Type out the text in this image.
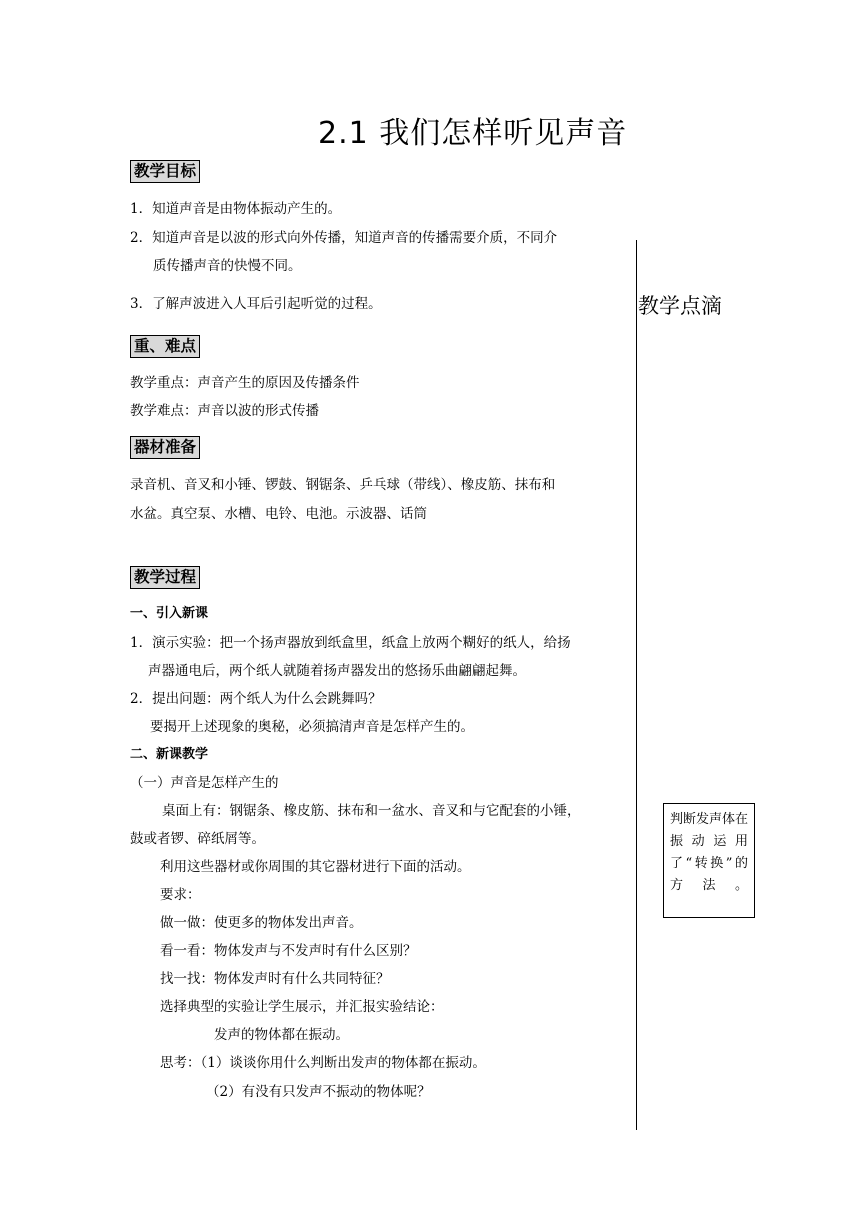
2.1 我们怎样听见声音
教学目标
1．知道声音是由物体振动产生的。
2．知道声音是以波的形式向外传播，知道声音的传播需要介质，不同介
质传播声音的快慢不同。
3．了解声波进入人耳后引起听觉的过程。
重、难点
教学重点：声音产生的原因及传播条件
教学难点：声音以波的形式传播
器材准备
录音机、音叉和小锤、锣鼓、钢锯条、乒乓球（带线）、橡皮筋、抹布和
水盆。真空泵、水槽、电铃、电池。示波器、话筒
教学过程
一、引入新课
1．演示实验：把一个扬声器放到纸盒里，纸盒上放两个糊好的纸人，给扬
声器通电后，两个纸人就随着扬声器发出的悠扬乐曲翩翩起舞。
2．提出问题：两个纸人为什么会跳舞吗？
要揭开上述现象的奥秘，必须搞清声音是怎样产生的。
二、新课教学
（一）声音是怎样产生的
桌面上有：钢锯条、橡皮筋、抹布和一盆水、音叉和与它配套的小锤，
鼓或者锣、碎纸屑等。
利用这些器材或你周围的其它器材进行下面的活动。
要求：
做一做：使更多的物体发出声音。
看一看：物体发声与不发声时有什么区别？
找一找：物体发声时有什么共同特征？
选择典型的实验让学生展示，并汇报实验结论：
发声的物体都在振动。
思考：（1）谈谈你用什么判断出发声的物体都在振动。
（2）有没有只发声不振动的物体呢？
教学点滴
判断发声体在振动运用了“转换”的方法。
